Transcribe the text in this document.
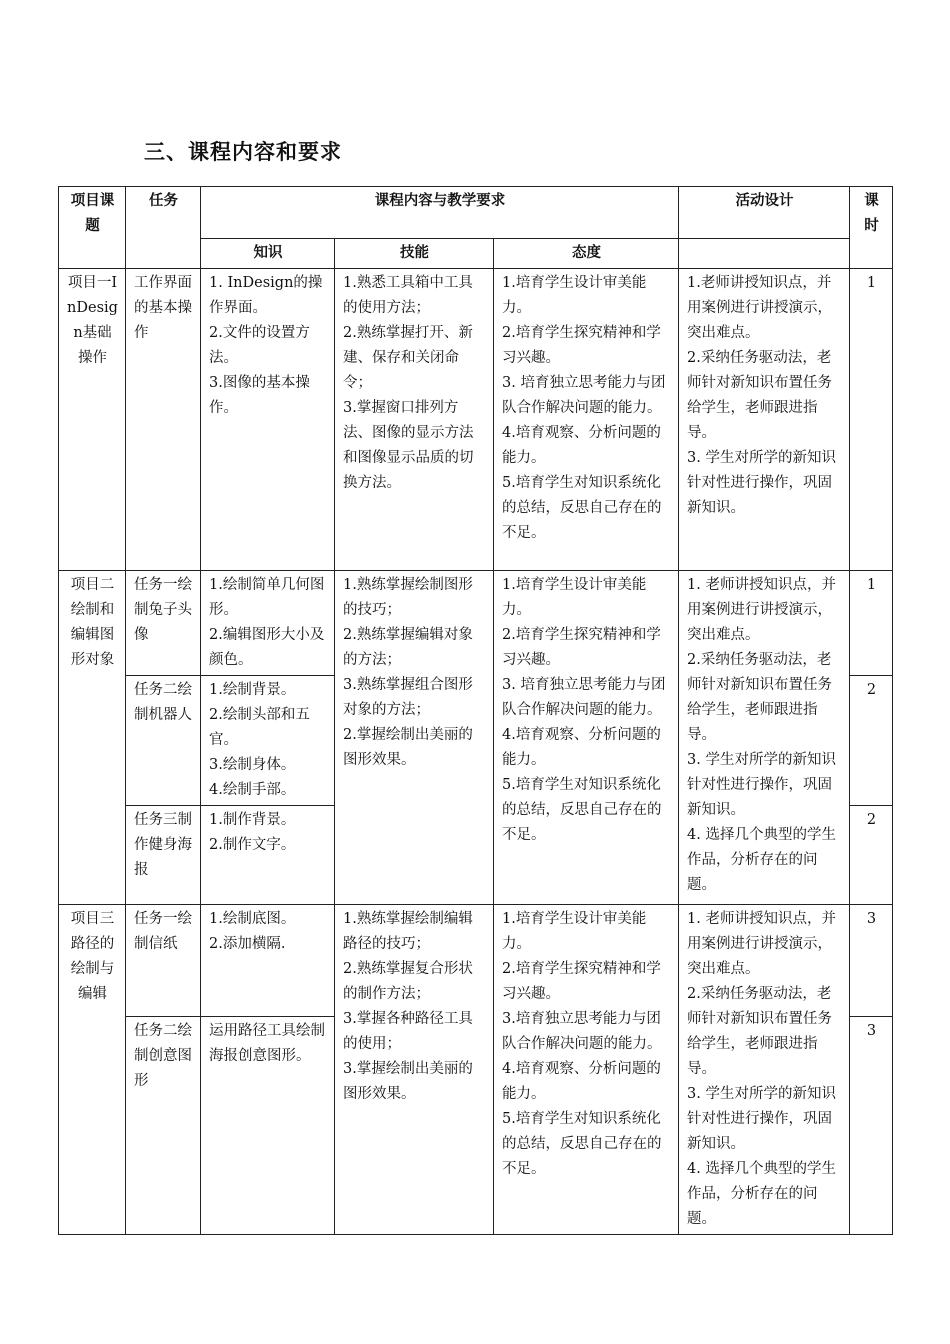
三、课程内容和要求
项目课题	任务	课程内容与教学要求			活动设计	课时
		知识	技能	态度		
项目一InDesign基础操作	工作界面的基本操作	1. InDesign的操作界面。
2.文件的设置方法。
3.图像的基本操作。	1.熟悉工具箱中工具的使用方法；
2.熟练掌握打开、新建、保存和关闭命令；
3.掌握窗口排列方法、图像的显示方法和图像显示品质的切换方法。	1.培育学生设计审美能力。
2.培育学生探究精神和学习兴趣。
3. 培育独立思考能力与团队合作解决问题的能力。
4.培育观察、分析问题的能力。
5.培育学生对知识系统化的总结，反思自己存在的不足。	1.老师讲授知识点，并用案例进行讲授演示，突出难点。
2.采纳任务驱动法，老师针对新知识布置任务给学生，老师跟进指导。
3. 学生对所学的新知识针对性进行操作，巩固新知识。	1
项目二绘制和编辑图形对象	任务一绘制兔子头像	1.绘制简单几何图形。
2.编辑图形大小及颜色。	1.熟练掌握绘制图形的技巧；
2.熟练掌握编辑对象的方法；
3.熟练掌握组合图形对象的方法；
2.掌握绘制出美丽的图形效果。	1.培育学生设计审美能力。
2.培育学生探究精神和学习兴趣。
3. 培育独立思考能力与团队合作解决问题的能力。
4.培育观察、分析问题的能力。
5.培育学生对知识系统化的总结，反思自己存在的不足。	1. 老师讲授知识点，并用案例进行讲授演示，突出难点。
2.采纳任务驱动法，老师针对新知识布置任务给学生，老师跟进指导。
3. 学生对所学的新知识针对性进行操作，巩固新知识。
4. 选择几个典型的学生作品，分析存在的问题。	1
	任务二绘制机器人	1.绘制背景。
2.绘制头部和五官。
3.绘制身体。
4.绘制手部。				2
	任务三制作健身海报	1.制作背景。
2.制作文字。				2
项目三路径的绘制与编辑	任务一绘制信纸	1.绘制底图。
2.添加横隔.	1.熟练掌握绘制编辑路径的技巧；
2.熟练掌握复合形状的制作方法；
3.掌握各种路径工具的使用；
3.掌握绘制出美丽的图形效果。	1.培育学生设计审美能力。
2.培育学生探究精神和学习兴趣。
3.培育独立思考能力与团队合作解决问题的能力。
4.培育观察、分析问题的能力。
5.培育学生对知识系统化的总结，反思自己存在的不足。	1. 老师讲授知识点，并用案例进行讲授演示，突出难点。
2.采纳任务驱动法，老师针对新知识布置任务给学生，老师跟进指导。
3. 学生对所学的新知识针对性进行操作，巩固新知识。
4. 选择几个典型的学生作品，分析存在的问题。	3
	任务二绘制创意图形	运用路径工具绘制海报创意图形。				3
